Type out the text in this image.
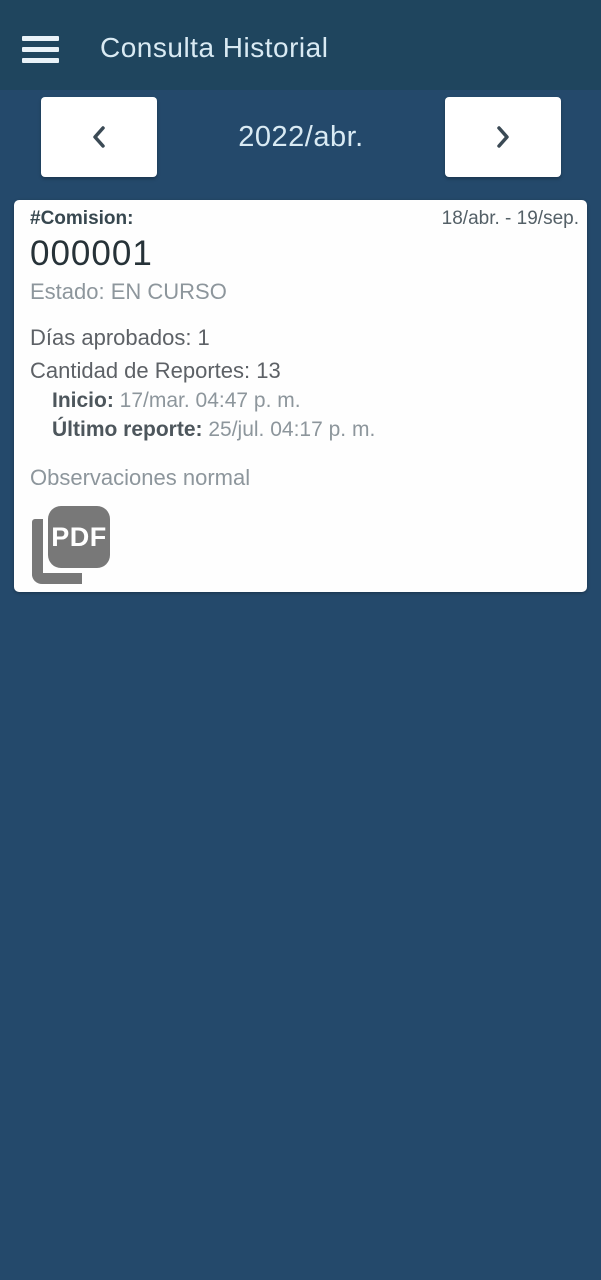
Consulta Historial
2022/abr.
#Comision:	18/abr. - 19/sep.
000001
Estado: EN CURSO
Días aprobados: 1
Cantidad de Reportes: 13
Inicio: 17/mar. 04:47 p. m.
Último reporte: 25/jul. 04:17 p. m.
Observaciones normal
PDF
